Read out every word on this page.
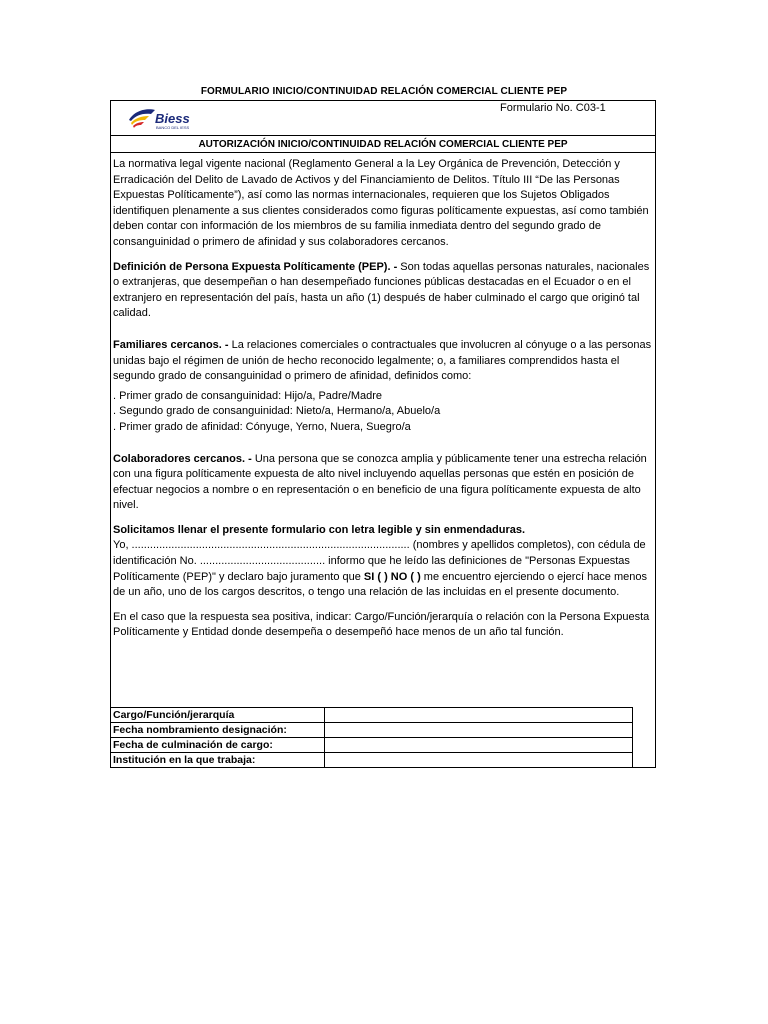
FORMULARIO INICIO/CONTINUIDAD RELACIÓN COMERCIAL CLIENTE PEP
Biess
BANCO DEL IESS
Formulario No. C03-1
AUTORIZACIÓN INICIO/CONTINUIDAD RELACIÓN COMERCIAL CLIENTE PEP

La normativa legal vigente nacional (Reglamento General a la Ley Orgánica de Prevención, Detección y Erradicación del Delito de Lavado de Activos y del Financiamiento de Delitos. Título III “De las Personas Expuestas Políticamente”), así como las normas internacionales, requieren que los Sujetos Obligados identifiquen plenamente a sus clientes considerados como figuras políticamente expuestas, así como también deben contar con información de los miembros de su familia inmediata dentro del segundo grado de consanguinidad o primero de afinidad y sus colaboradores cercanos.

Definición de Persona Expuesta Políticamente (PEP). - Son todas aquellas personas naturales, nacionales o extranjeras, que desempeñan o han desempeñado funciones públicas destacadas en el Ecuador o en el extranjero en representación del país, hasta un año (1) después de haber culminado el cargo que originó tal calidad.

Familiares cercanos. - La relaciones comerciales o contractuales que involucren al cónyuge o a las personas unidas bajo el régimen de unión de hecho reconocido legalmente; o, a familiares comprendidos hasta el segundo grado de consanguinidad o primero de afinidad, definidos como:

. Primer grado de consanguinidad: Hijo/a, Padre/Madre

. Segundo grado de consanguinidad: Nieto/a, Hermano/a, Abuelo/a

. Primer grado de afinidad: Cónyuge, Yerno, Nuera, Suegro/a

Colaboradores cercanos. - Una persona que se conozca amplia y públicamente tener una estrecha relación con una figura políticamente expuesta de alto nivel incluyendo aquellas personas que estén en posición de efectuar negocios a nombre o en representación o en beneficio de una figura políticamente expuesta de alto nivel.

Solicitamos llenar el presente formulario con letra legible y sin enmendaduras.

Yo, ........................................................................................... (nombres y apellidos completos), con cédula de identificación No. ......................................... informo que he leído las definiciones de "Personas Expuestas Políticamente (PEP)" y declaro bajo juramento que SI ( ) NO ( ) me encuentro ejerciendo o ejercí hace menos de un año, uno de los cargos descritos, o tengo una relación de las incluidas en el presente documento.

En el caso que la respuesta sea positiva, indicar: Cargo/Función/jerarquía o relación con la Persona Expuesta Políticamente y Entidad donde desempeña o desempeñó hace menos de un año tal función.

Cargo/Función/jerarquía	
Fecha nombramiento designación:	
Fecha de culminación de cargo:	
Institución en la que trabaja:	
